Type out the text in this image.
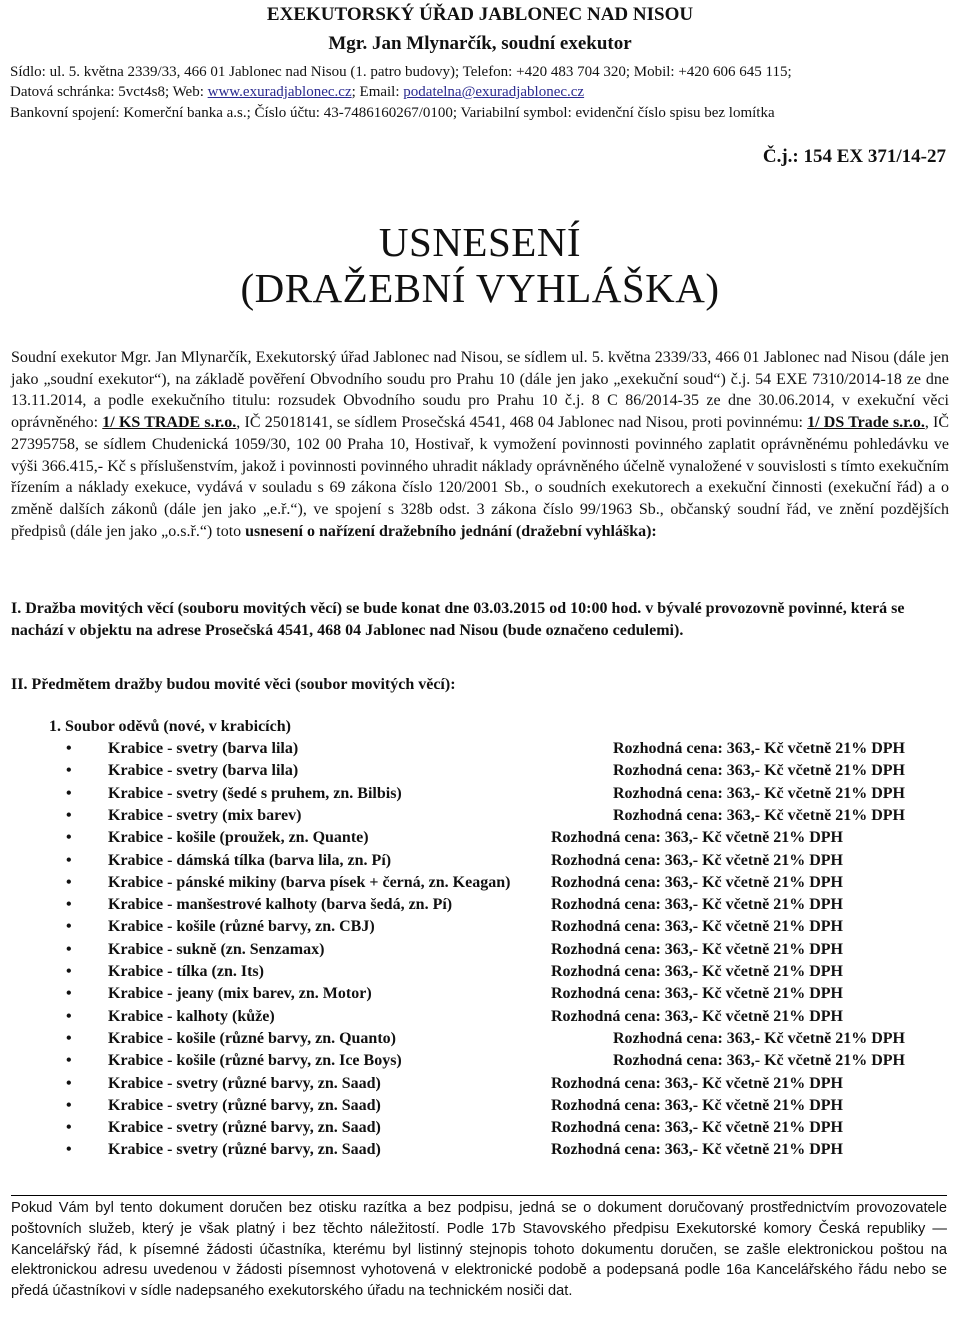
EXEKUTORSKÝ ÚŘAD JABLONEC NAD NISOU
Mgr. Jan Mlynarčík, soudní exekutor
Sídlo: ul. 5. května 2339/33, 466 01 Jablonec nad Nisou (1. patro budovy); Telefon: +420 483 704 320; Mobil: +420 606 645 115;
Datová schránka: 5vct4s8; Web: www.exuradjablonec.cz; Email: podatelna@exuradjablonec.cz
Bankovní spojení: Komerční banka a.s.; Číslo účtu: 43-7486160267/0100; Variabilní symbol: evidenční číslo spisu bez lomítka
Č.j.: 154 EX 371/14-27
USNESENÍ
(DRAŽEBNÍ VYHLÁŠKA)
Soudní exekutor Mgr. Jan Mlynarčík, Exekutorský úřad Jablonec nad Nisou, se sídlem ul. 5. května 2339/33, 466 01 Jablonec nad Nisou (dále jen jako „soudní exekutor“), na základě pověření Obvodního soudu pro Prahu 10 (dále jen jako „exekuční soud“) č.j. 54 EXE 7310/2014-18 ze dne 13.11.2014, a podle exekučního titulu: rozsudek Obvodního soudu pro Prahu 10 č.j. 8 C 86/2014-35 ze dne 30.06.2014, v exekuční věci oprávněného: 1/ KS TRADE s.r.o., IČ 25018141, se sídlem Prosečská 4541, 468 04 Jablonec nad Nisou, proti povinnému: 1/ DS Trade s.r.o., IČ 27395758, se sídlem Chudenická 1059/30, 102 00 Praha 10, Hostivař, k vymožení povinnosti povinného zaplatit oprávněnému pohledávku ve výši 366.415,- Kč s příslušenstvím, jakož i povinnosti povinného uhradit náklady oprávněného účelně vynaložené v souvislosti s tímto exekučním řízením a náklady exekuce, vydává v souladu s 69 zákona číslo 120/2001 Sb., o soudních exekutorech a exekuční činnosti (exekuční řád) a o změně dalších zákonů (dále jen jako „e.ř.“), ve spojení s 328b odst. 3 zákona číslo 99/1963 Sb., občanský soudní řád, ve znění pozdějších předpisů (dále jen jako „o.s.ř.“) toto usnesení o nařízení dražebního jednání (dražební vyhláška):
I. Dražba movitých věcí (souboru movitých věcí) se bude konat dne 03.03.2015 od 10:00 hod. v bývalé provozovně povinné, která se nachází v objektu na adrese Prosečská 4541, 468 04 Jablonec nad Nisou (bude označeno cedulemi).
II. Předmětem dražby budou movité věci (soubor movitých věcí):
1. Soubor oděvů (nové, v krabicích)
• Krabice - svetry (barva lila)	Rozhodná cena: 363,- Kč včetně 21% DPH
• Krabice - svetry (barva lila)	Rozhodná cena: 363,- Kč včetně 21% DPH
• Krabice - svetry (šedé s pruhem, zn. Bilbis)	Rozhodná cena: 363,- Kč včetně 21% DPH
• Krabice - svetry (mix barev)	Rozhodná cena: 363,- Kč včetně 21% DPH
• Krabice - košile (proužek, zn. Quante)	Rozhodná cena: 363,- Kč včetně 21% DPH
• Krabice - dámská tílka (barva lila, zn. Pí)	Rozhodná cena: 363,- Kč včetně 21% DPH
• Krabice - pánské mikiny (barva písek + černá, zn. Keagan)	Rozhodná cena: 363,- Kč včetně 21% DPH
• Krabice - manšestrové kalhoty (barva šedá, zn. Pí)	Rozhodná cena: 363,- Kč včetně 21% DPH
• Krabice - košile (různé barvy, zn. CBJ)	Rozhodná cena: 363,- Kč včetně 21% DPH
• Krabice - sukně (zn. Senzamax)	Rozhodná cena: 363,- Kč včetně 21% DPH
• Krabice - tílka (zn. Its)	Rozhodná cena: 363,- Kč včetně 21% DPH
• Krabice - jeany (mix barev, zn. Motor)	Rozhodná cena: 363,- Kč včetně 21% DPH
• Krabice - kalhoty (kůže)	Rozhodná cena: 363,- Kč včetně 21% DPH
• Krabice - košile (různé barvy, zn. Quanto)	Rozhodná cena: 363,- Kč včetně 21% DPH
• Krabice - košile (různé barvy, zn. Ice Boys)	Rozhodná cena: 363,- Kč včetně 21% DPH
• Krabice - svetry (různé barvy, zn. Saad)	Rozhodná cena: 363,- Kč včetně 21% DPH
• Krabice - svetry (různé barvy, zn. Saad)	Rozhodná cena: 363,- Kč včetně 21% DPH
• Krabice - svetry (různé barvy, zn. Saad)	Rozhodná cena: 363,- Kč včetně 21% DPH
• Krabice - svetry (různé barvy, zn. Saad)	Rozhodná cena: 363,- Kč včetně 21% DPH
Pokud Vám byl tento dokument doručen bez otisku razítka a bez podpisu, jedná se o dokument doručovaný prostřednictvím provozovatele poštovních služeb, který je však platný i bez těchto náležitostí. Podle 17b Stavovského předpisu Exekutorské komory Česká republiky — Kancelářský řád, k písemné žádosti účastníka, kterému byl listinný stejnopis tohoto dokumentu doručen, se zašle elektronickou poštou na elektronickou adresu uvedenou v žádosti písemnost vyhotovená v elektronické podobě a podepsaná podle 16a Kancelářského řádu nebo se předá účastníkovi v sídle nadepsaného exekutorského úřadu na technickém nosiči dat.
